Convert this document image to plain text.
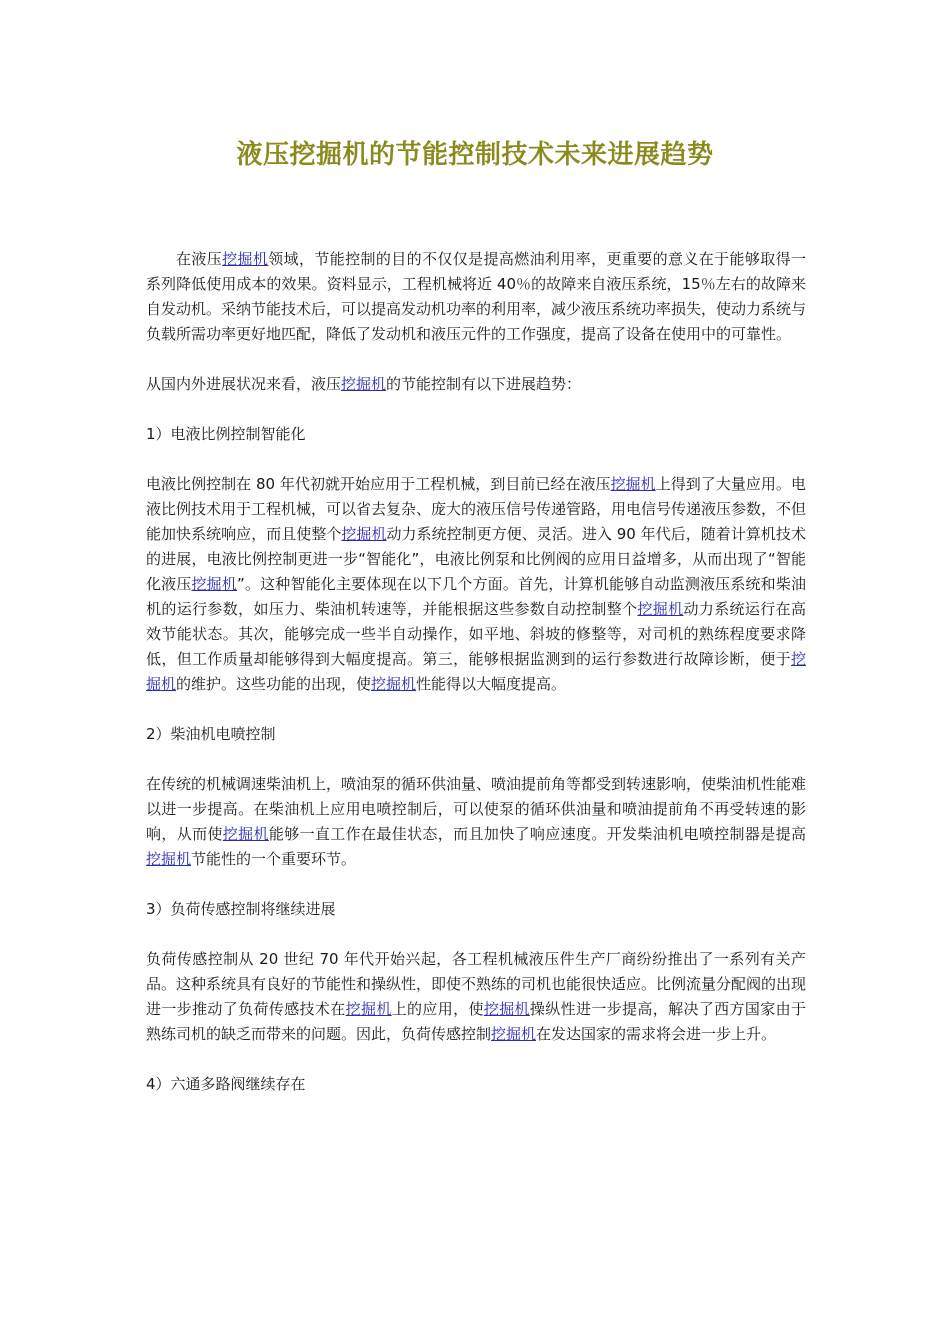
液压挖掘机的节能控制技术未来进展趋势

在液压挖掘机领域，节能控制的目的不仅仅是提高燃油利用率，更重要的意义在于能够取得一系列降低使用成本的效果。资料显示，工程机械将近 40％的故障来自液压系统，15％左右的故障来自发动机。采纳节能技术后，可以提高发动机功率的利用率，减少液压系统功率损失，使动力系统与负载所需功率更好地匹配，降低了发动机和液压元件的工作强度，提高了设备在使用中的可靠性。

从国内外进展状况来看，液压挖掘机的节能控制有以下进展趋势：

1）电液比例控制智能化

电液比例控制在 80 年代初就开始应用于工程机械，到目前已经在液压挖掘机上得到了大量应用。电液比例技术用于工程机械，可以省去复杂、庞大的液压信号传递管路，用电信号传递液压参数，不但能加快系统响应，而且使整个挖掘机动力系统控制更方便、灵活。进入 90 年代后，随着计算机技术的进展，电液比例控制更进一步“智能化”，电液比例泵和比例阀的应用日益增多，从而出现了“智能化液压挖掘机”。这种智能化主要体现在以下几个方面。首先，计算机能够自动监测液压系统和柴油机的运行参数，如压力、柴油机转速等，并能根据这些参数自动控制整个挖掘机动力系统运行在高效节能状态。其次，能够完成一些半自动操作，如平地、斜坡的修整等，对司机的熟练程度要求降低，但工作质量却能够得到大幅度提高。第三，能够根据监测到的运行参数进行故障诊断，便于挖掘机的维护。这些功能的出现，使挖掘机性能得以大幅度提高。

2）柴油机电喷控制

在传统的机械调速柴油机上，喷油泵的循环供油量、喷油提前角等都受到转速影响，使柴油机性能难以进一步提高。在柴油机上应用电喷控制后，可以使泵的循环供油量和喷油提前角不再受转速的影响，从而使挖掘机能够一直工作在最佳状态，而且加快了响应速度。开发柴油机电喷控制器是提高挖掘机节能性的一个重要环节。

3）负荷传感控制将继续进展

负荷传感控制从 20 世纪 70 年代开始兴起，各工程机械液压件生产厂商纷纷推出了一系列有关产品。这种系统具有良好的节能性和操纵性，即使不熟练的司机也能很快适应。比例流量分配阀的出现进一步推动了负荷传感技术在挖掘机上的应用，使挖掘机操纵性进一步提高，解决了西方国家由于熟练司机的缺乏而带来的问题。因此，负荷传感控制挖掘机在发达国家的需求将会进一步上升。

4）六通多路阀继续存在
